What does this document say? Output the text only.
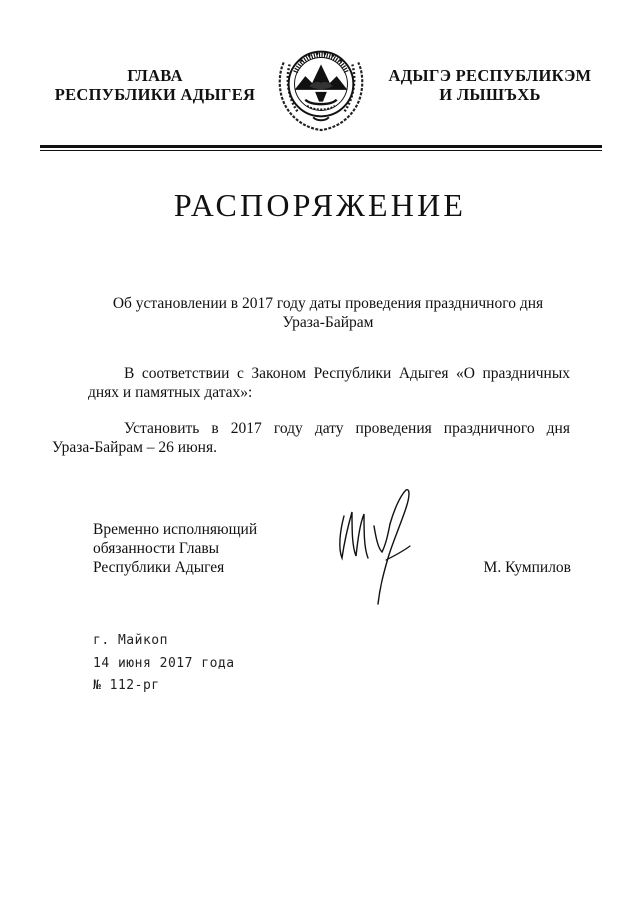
ГЛАВА
РЕСПУБЛИКИ АДЫГЕЯ
АДЫГЭ РЕСПУБЛИКЭМ
И ЛЫШЪХЬ
РАСПОРЯЖЕНИЕ
Об установлении в 2017 году даты проведения праздничного дня
Ураза-Байрам
В соответствии с Законом Республики Адыгея «О праздничных днях и памятных датах»:
Установить в 2017 году дату проведения праздничного дня
Ураза-Байрам – 26 июня.
Временно исполняющий
обязанности Главы
Республики Адыгея	М. Кумпилов
г. Майкоп
14 июня 2017 года
№ 112-рг
